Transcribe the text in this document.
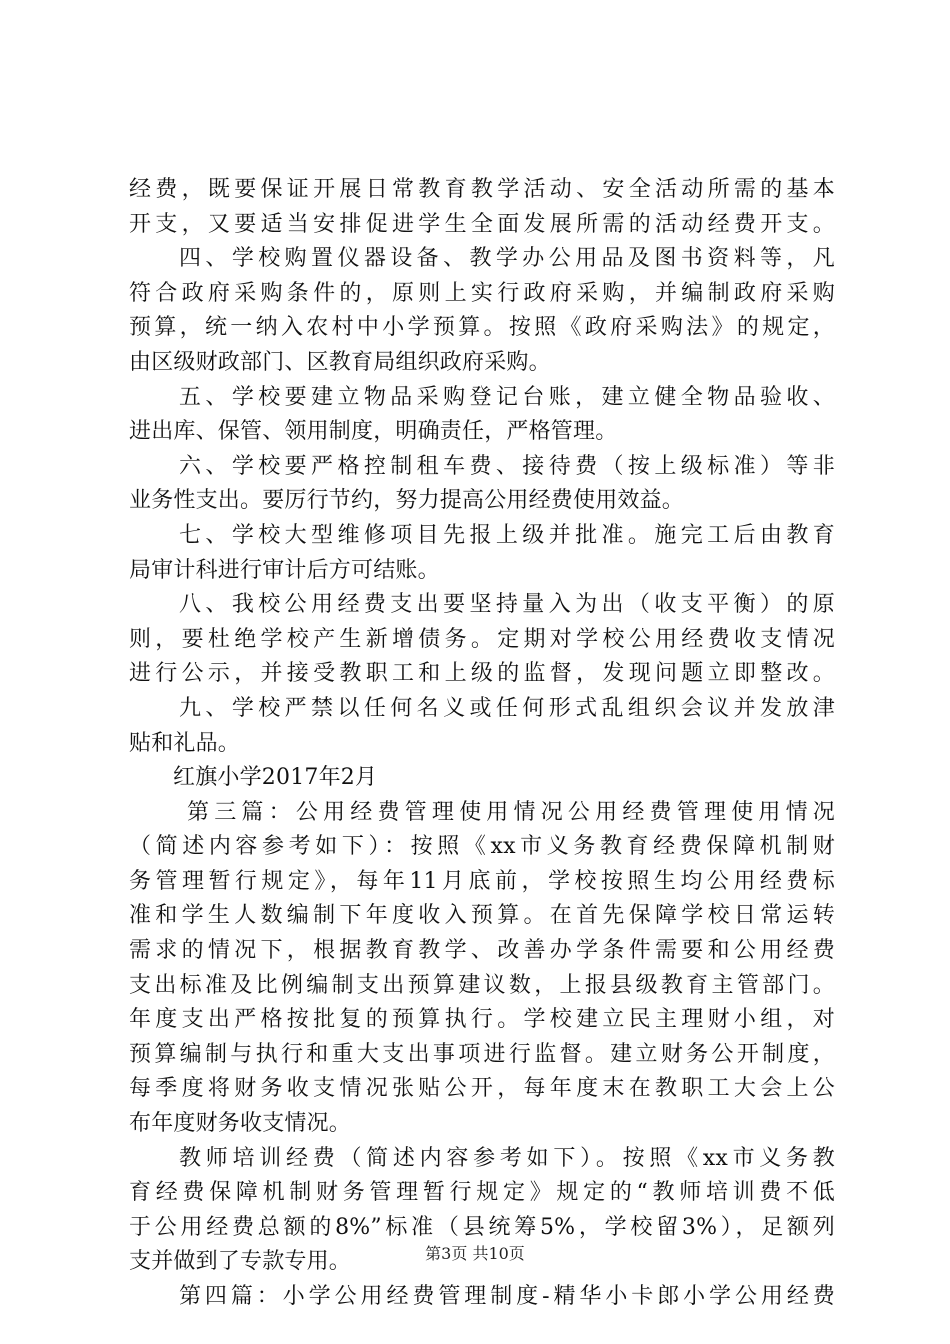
经费，既要保证开展日常教育教学活动、安全活动所需的基本
开支，又要适当安排促进学生全面发展所需的活动经费开支。
四、学校购置仪器设备、教学办公用品及图书资料等，凡
符合政府采购条件的，原则上实行政府采购，并编制政府采购
预算，统一纳入农村中小学预算。按照《政府采购法》的规定，
由区级财政部门、区教育局组织政府采购。
五、学校要建立物品采购登记台账，建立健全物品验收、
进出库、保管、领用制度，明确责任，严格管理。
六、学校要严格控制租车费、接待费（按上级标准）等非
业务性支出。要厉行节约，努力提高公用经费使用效益。
七、学校大型维修项目先报上级并批准。施完工后由教育
局审计科进行审计后方可结账。
八、我校公用经费支出要坚持量入为出（收支平衡）的原
则，要杜绝学校产生新增债务。定期对学校公用经费收支情况
进行公示，并接受教职工和上级的监督，发现问题立即整改。
九、学校严禁以任何名义或任何形式乱组织会议并发放津
贴和礼品。
红旗小学2017年2月
第三篇：公用经费管理使用情况公用经费管理使用情况
（简述内容参考如下）：按照《xx市义务教育经费保障机制财
务管理暂行规定》，每年11月底前，学校按照生均公用经费标
准和学生人数编制下年度收入预算。在首先保障学校日常运转
需求的情况下，根据教育教学、改善办学条件需要和公用经费
支出标准及比例编制支出预算建议数，上报县级教育主管部门。
年度支出严格按批复的预算执行。学校建立民主理财小组，对
预算编制与执行和重大支出事项进行监督。建立财务公开制度，
每季度将财务收支情况张贴公开，每年度末在教职工大会上公
布年度财务收支情况。
教师培训经费（简述内容参考如下）。按照《xx市义务教
育经费保障机制财务管理暂行规定》规定的“教师培训费不低
于公用经费总额的8%”标准（县统筹5%，学校留3%），足额列
支并做到了专款专用。
第四篇：小学公用经费管理制度-精华小卡郎小学公用经费
第3页 共10页
